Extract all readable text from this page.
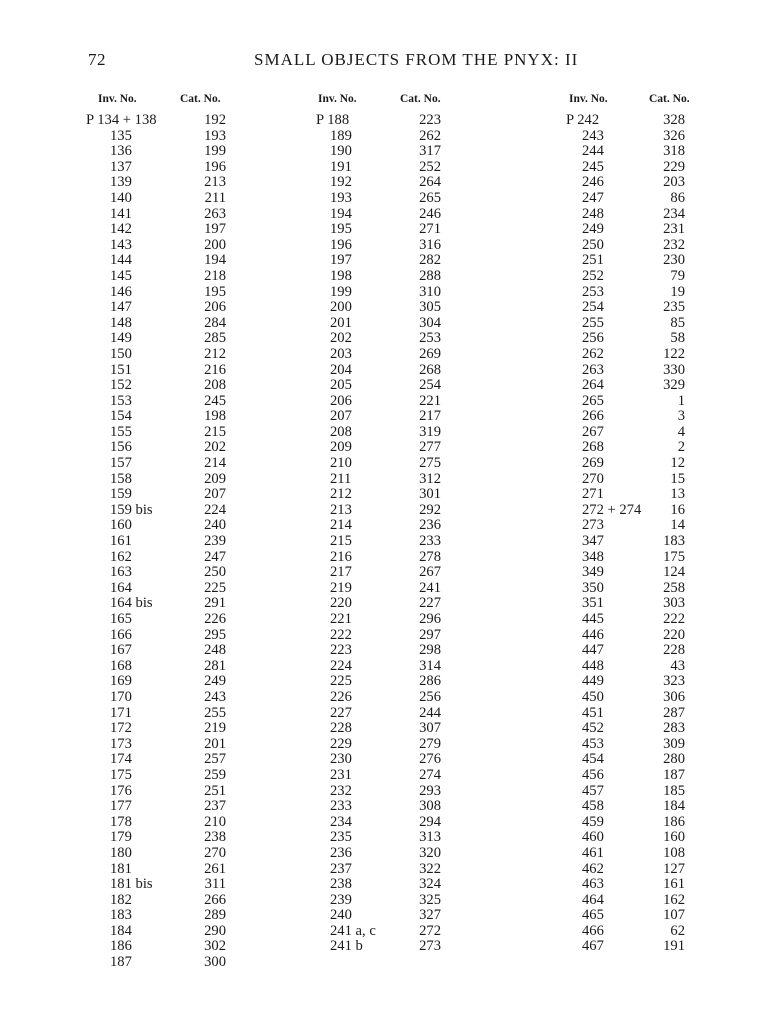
72	SMALL OBJECTS FROM THE PNYX: II
Inv. No.	Cat. No.
P 134 + 138	192
135	193
136	199
137	196
139	213
140	211
141	263
142	197
143	200
144	194
145	218
146	195
147	206
148	284
149	285
150	212
151	216
152	208
153	245
154	198
155	215
156	202
157	214
158	209
159	207
159 bis	224
160	240
161	239
162	247
163	250
164	225
164 bis	291
165	226
166	295
167	248
168	281
169	249
170	243
171	255
172	219
173	201
174	257
175	259
176	251
177	237
178	210
179	238
180	270
181	261
181 bis	311
182	266
183	289
184	290
186	302
187	300
Inv. No.	Cat. No.
P 188	223
189	262
190	317
191	252
192	264
193	265
194	246
195	271
196	316
197	282
198	288
199	310
200	305
201	304
202	253
203	269
204	268
205	254
206	221
207	217
208	319
209	277
210	275
211	312
212	301
213	292
214	236
215	233
216	278
217	267
219	241
220	227
221	296
222	297
223	298
224	314
225	286
226	256
227	244
228	307
229	279
230	276
231	274
232	293
233	308
234	294
235	313
236	320
237	322
238	324
239	325
240	327
241 a, c	272
241 b	273
Inv. No.	Cat. No.
P 242	328
243	326
244	318
245	229
246	203
247	86
248	234
249	231
250	232
251	230
252	79
253	19
254	235
255	85
256	58
262	122
263	330
264	329
265	1
266	3
267	4
268	2
269	12
270	15
271	13
272 + 274 16
273	14
347	183
348	175
349	124
350	258
351	303
445	222
446	220
447	228
448	43
449	323
450	306
451	287
452	283
453	309
454	280
456	187
457	185
458	184
459	186
460	160
461	108
462	127
463	161
464	162
465	107
466	62
467	191
